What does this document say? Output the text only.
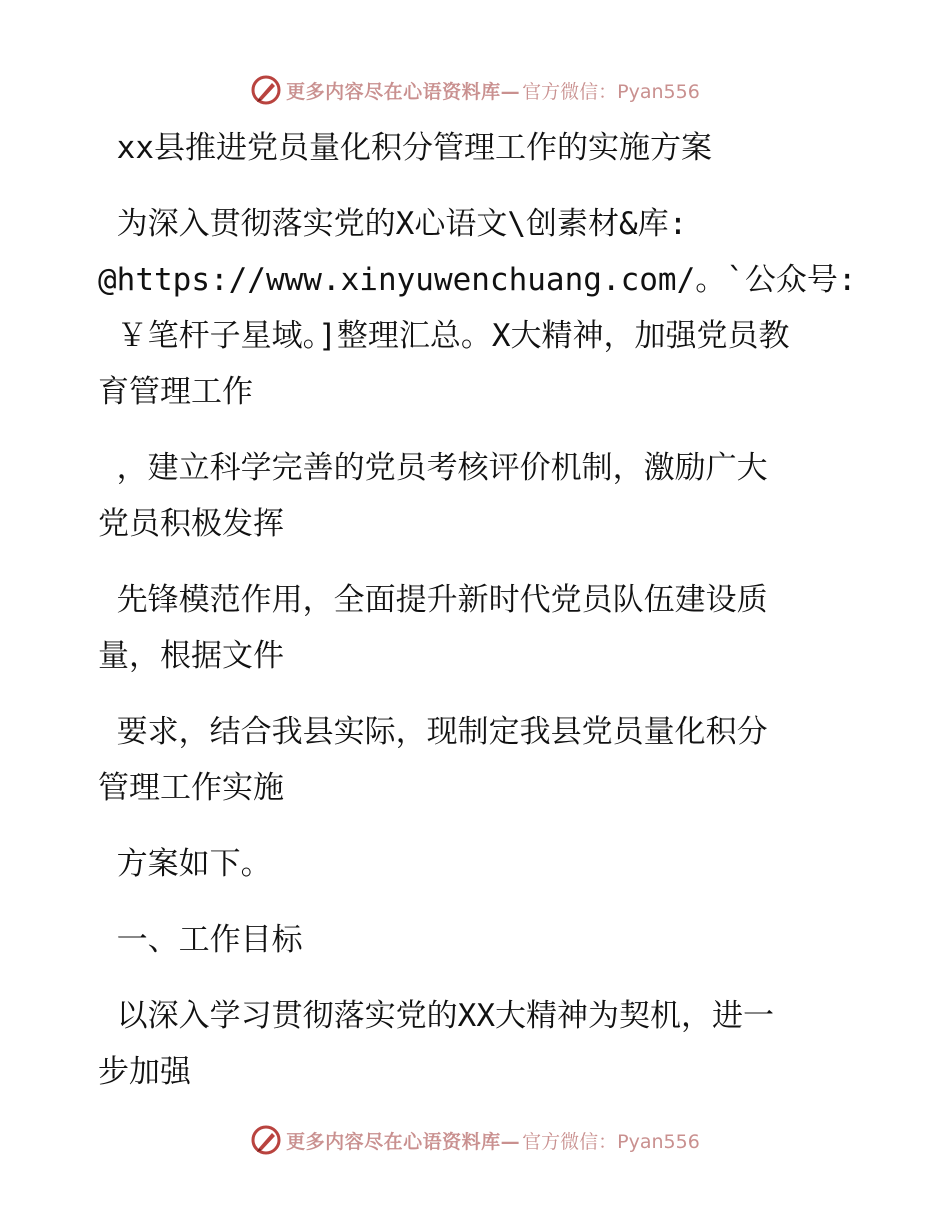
更多内容尽在心语资料库— 官方微信：Pyan556
xx县推进党员量化积分管理工作的实施方案
为深入贯彻落实党的X心语文\创素材&库:
@https://www.xinyuwenchuang.com/。`公众号:
￥笔杆子星域。]整理汇总。X大精神，加强党员教
育管理工作
，建立科学完善的党员考核评价机制，激励广大
党员积极发挥
先锋模范作用，全面提升新时代党员队伍建设质
量，根据文件
要求，结合我县实际，现制定我县党员量化积分
管理工作实施
方案如下。
一、工作目标
以深入学习贯彻落实党的XX大精神为契机，进一
步加强
更多内容尽在心语资料库— 官方微信：Pyan556
